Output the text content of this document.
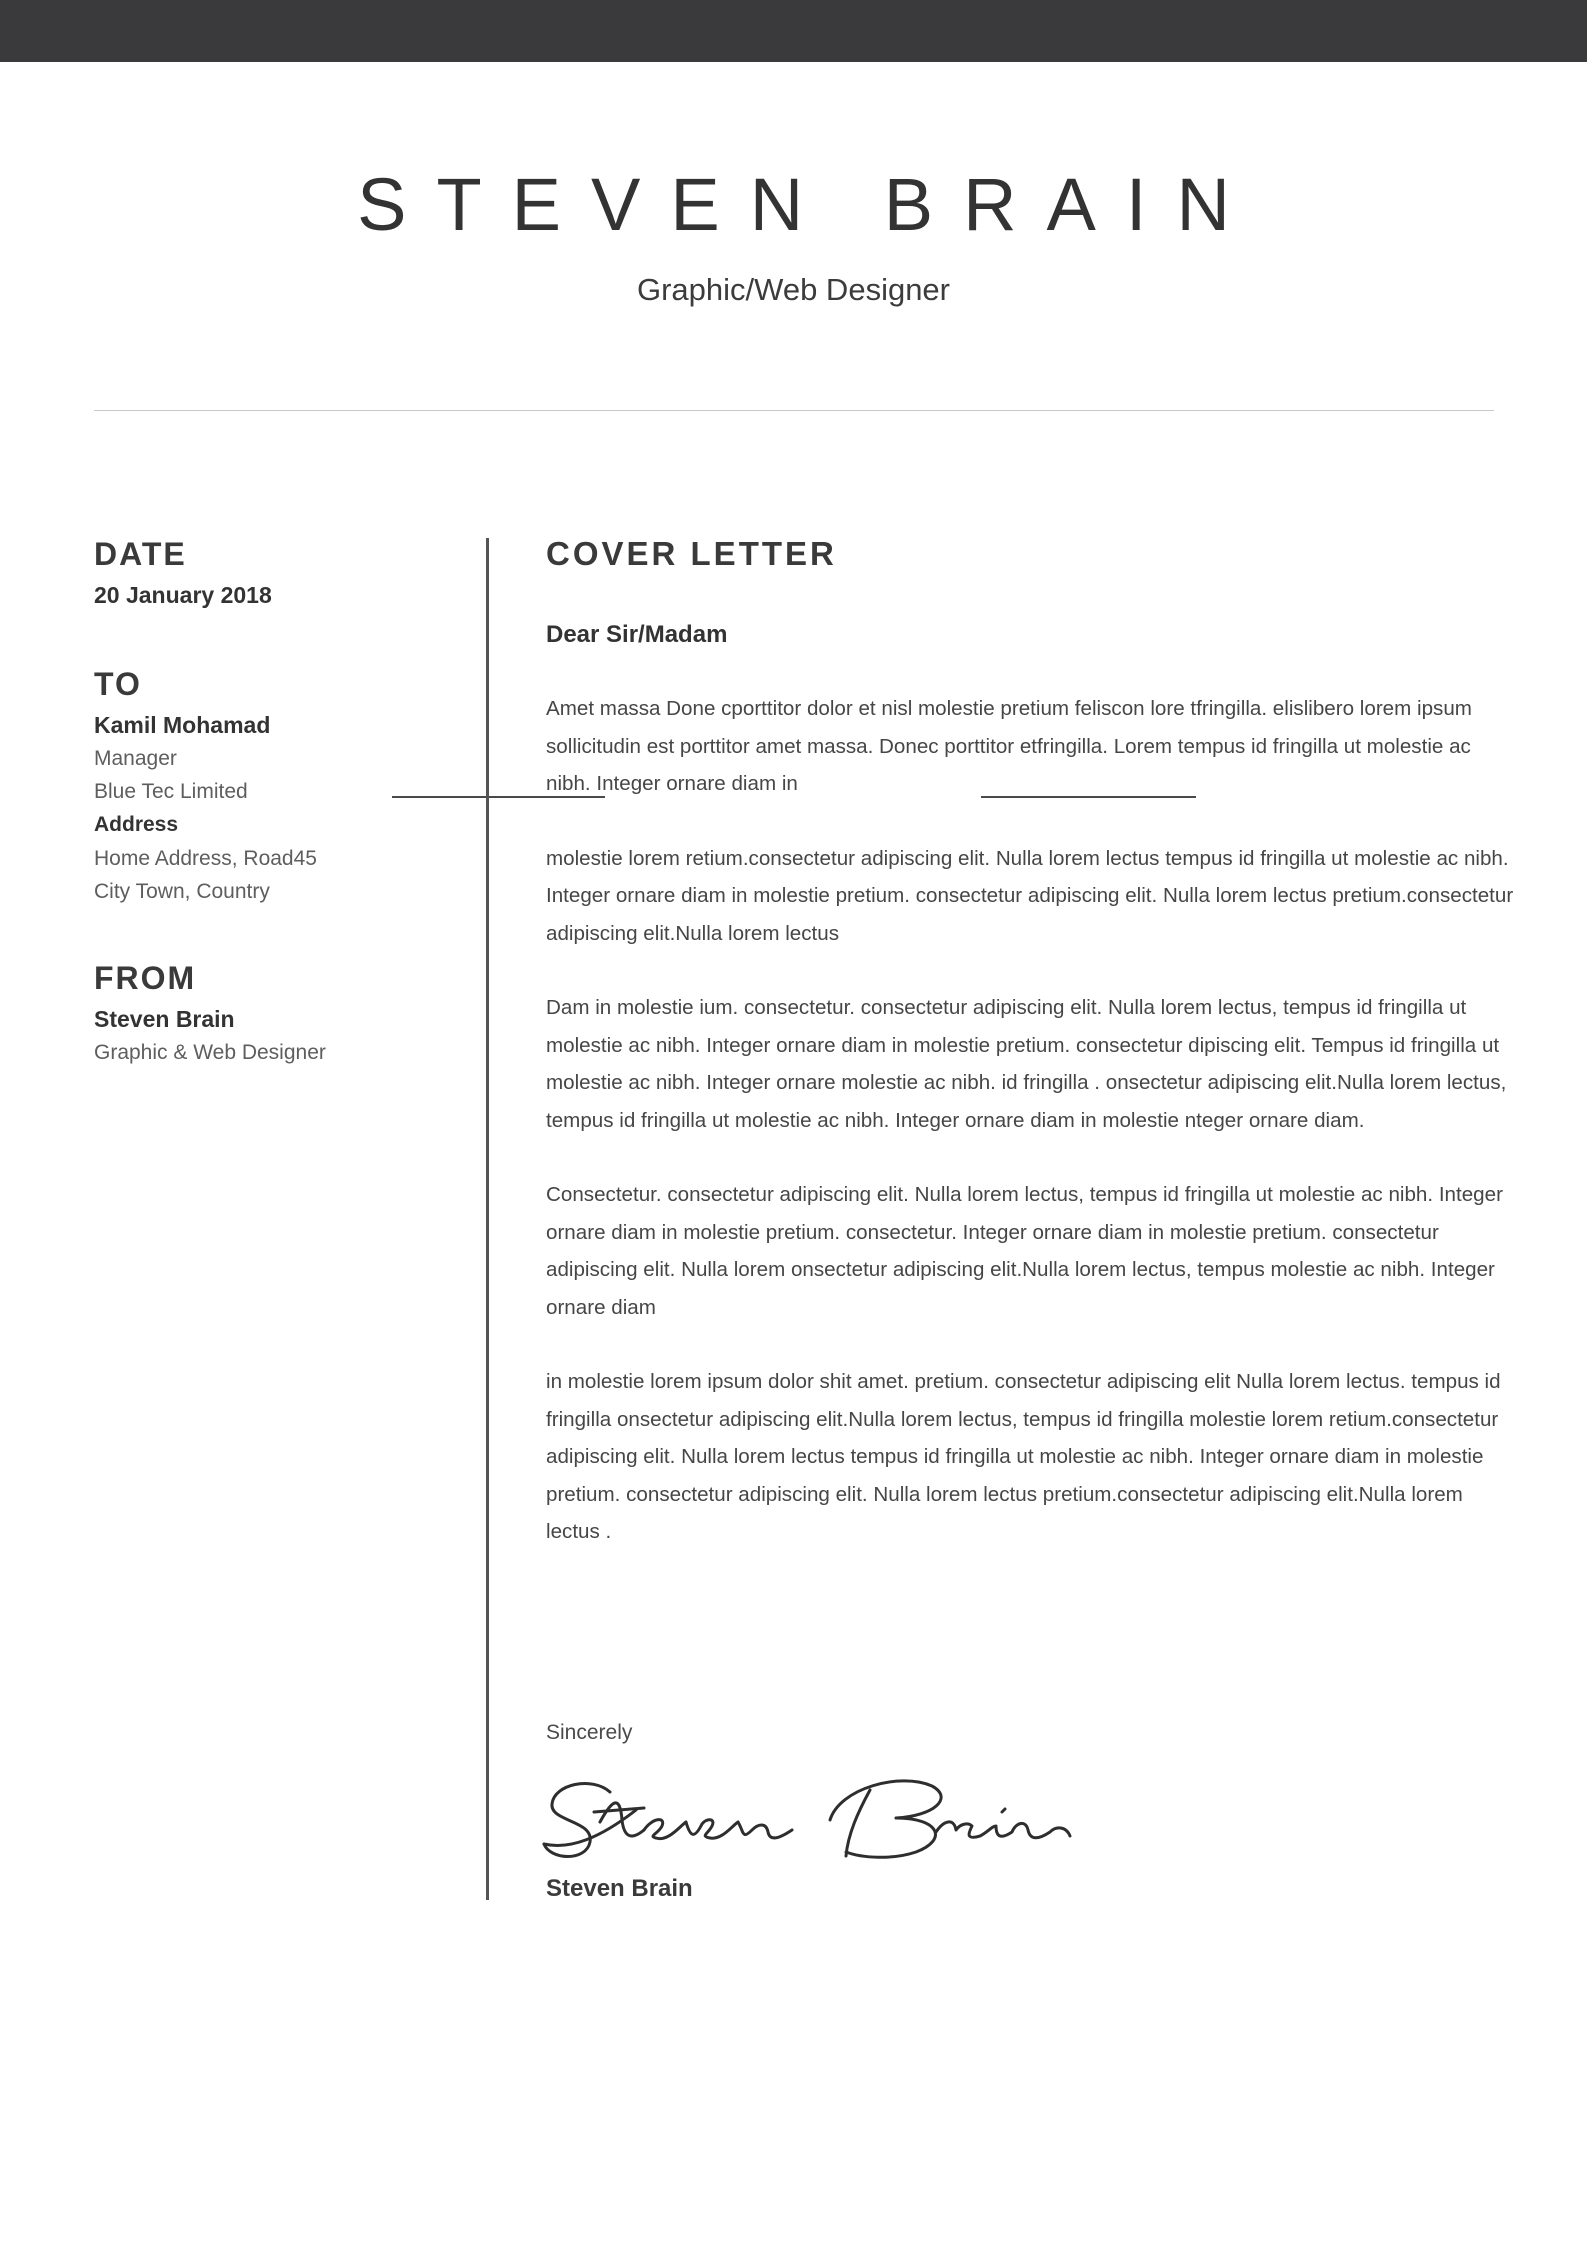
STEVEN BRAIN
Graphic/Web Designer
DATE
20 January 2018
TO
Kamil Mohamad
Manager
Blue Tec Limited
Address
Home Address, Road45
City Town, Country
FROM
Steven Brain
Graphic & Web Designer
COVER LETTER
Dear Sir/Madam
Amet massa Done cporttitor dolor et nisl molestie pretium feliscon lore tfringilla. elislibero lorem ipsum sollicitudin est porttitor amet massa. Donec porttitor etfringilla. Lorem tempus id fringilla ut molestie ac nibh. Integer ornare diam in
molestie lorem retium.consectetur adipiscing elit. Nulla lorem lectus tempus id fringilla ut molestie ac nibh. Integer ornare diam in molestie pretium. consectetur adipiscing elit. Nulla lorem lectus pretium.consectetur adipiscing elit.Nulla lorem lectus
Dam in molestie ium. consectetur. consectetur adipiscing elit. Nulla lorem lectus, tempus id fringilla ut molestie ac nibh. Integer ornare diam in molestie pretium. consectetur dipiscing elit. Tempus id fringilla ut molestie ac nibh. Integer ornare molestie ac nibh. id fringilla . onsectetur adipiscing elit.Nulla lorem lectus, tempus id fringilla ut molestie ac nibh. Integer ornare diam in molestie nteger ornare diam.
Consectetur. consectetur adipiscing elit. Nulla lorem lectus, tempus id fringilla ut molestie ac nibh. Integer ornare diam in molestie pretium. consectetur. Integer ornare diam in molestie pretium. consectetur adipiscing elit. Nulla lorem onsectetur adipiscing elit.Nulla lorem lectus, tempus molestie ac nibh. Integer ornare diam
in molestie lorem ipsum dolor shit amet. pretium. consectetur adipiscing elit Nulla lorem lectus. tempus id fringilla onsectetur adipiscing elit.Nulla lorem lectus, tempus id fringilla molestie lorem retium.consectetur adipiscing elit. Nulla lorem lectus tempus id fringilla ut molestie ac nibh. Integer ornare diam in molestie pretium. consectetur adipiscing elit. Nulla lorem lectus pretium.consectetur adipiscing elit.Nulla lorem lectus .
Sincerely
Steven Brain
